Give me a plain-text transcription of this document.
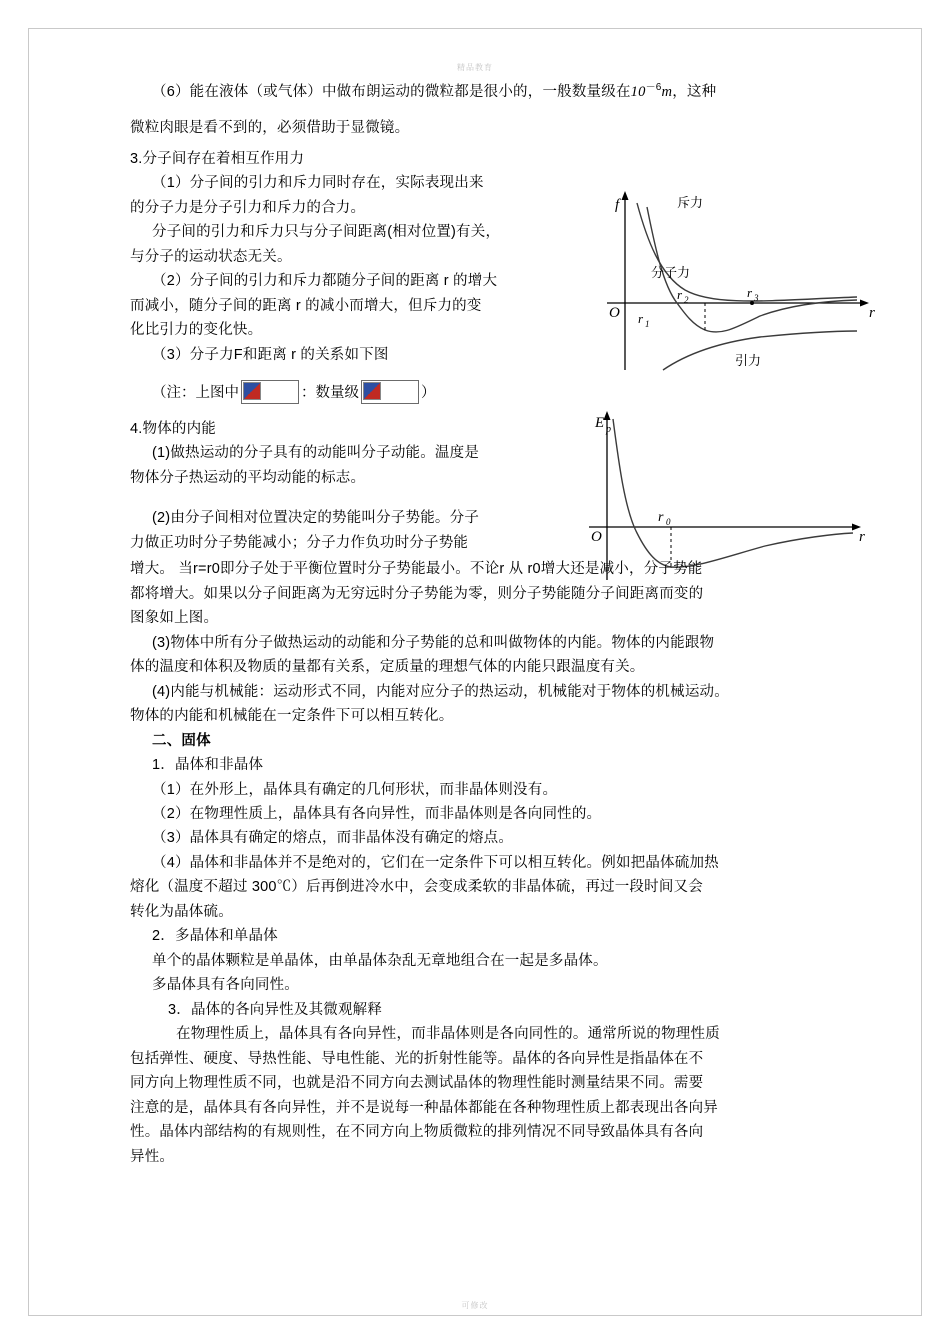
精品教育
可修改
f
r
O
斥力
分子力
引力
r 1
r 2	r 3
E p
r
O
r 0

（6）能在液体（或气体）中做布朗运动的微粒都是很小的，一般数量级在$10^{-6}m$，这种

微粒肉眼是看不到的，必须借助于显微镜。

3.分子间存在着相互作用力

（1）分子间的引力和斥力同时存在，实际表现出来

的分子力是分子引力和斥力的合力。

分子间的引力和斥力只与分子间距离(相对位置)有关，

与分子的运动状态无关。

（2）分子间的引力和斥力都随分子间的距离 r 的增大

而减小，随分子间的距离 r 的减小而增大，但斥力的变

化比引力的变化快。

（3）分子力F和距离 r 的关系如下图

（注：上图中	：数量级	）

4.物体的内能

(1)做热运动的分子具有的动能叫分子动能。温度是

物体分子热运动的平均动能的标志。

(2)由分子间相对位置决定的势能叫分子势能。分子

力做正功时分子势能减小；分子力作负功时分子势能

增大。 当r=r0即分子处于平衡位置时分子势能最小。不论r 从 r0增大还是减小，分子势能

都将增大。如果以分子间距离为无穷远时分子势能为零，则分子势能随分子间距离而变的

图象如上图。

(3)物体中所有分子做热运动的动能和分子势能的总和叫做物体的内能。物体的内能跟物

体的温度和体积及物质的量都有关系，定质量的理想气体的内能只跟温度有关。

(4)内能与机械能：运动形式不同，内能对应分子的热运动，机械能对于物体的机械运动。

物体的内能和机械能在一定条件下可以相互转化。

二、固体

1．晶体和非晶体

（1）在外形上，晶体具有确定的几何形状，而非晶体则没有。

（2）在物理性质上，晶体具有各向异性，而非晶体则是各向同性的。

（3）晶体具有确定的熔点，而非晶体没有确定的熔点。

（4）晶体和非晶体并不是绝对的，它们在一定条件下可以相互转化。例如把晶体硫加热

熔化（温度不超过 300℃）后再倒进冷水中，会变成柔软的非晶体硫，再过一段时间又会

转化为晶体硫。

2．多晶体和单晶体

单个的晶体颗粒是单晶体，由单晶体杂乱无章地组合在一起是多晶体。

多晶体具有各向同性。

3．晶体的各向异性及其微观解释

在物理性质上，晶体具有各向异性，而非晶体则是各向同性的。通常所说的物理性质

包括弹性、硬度、导热性能、导电性能、光的折射性能等。晶体的各向异性是指晶体在不

同方向上物理性质不同，也就是沿不同方向去测试晶体的物理性能时测量结果不同。需要

注意的是，晶体具有各向异性，并不是说每一种晶体都能在各种物理性质上都表现出各向异

性。晶体内部结构的有规则性，在不同方向上物质微粒的排列情况不同导致晶体具有各向

异性。
